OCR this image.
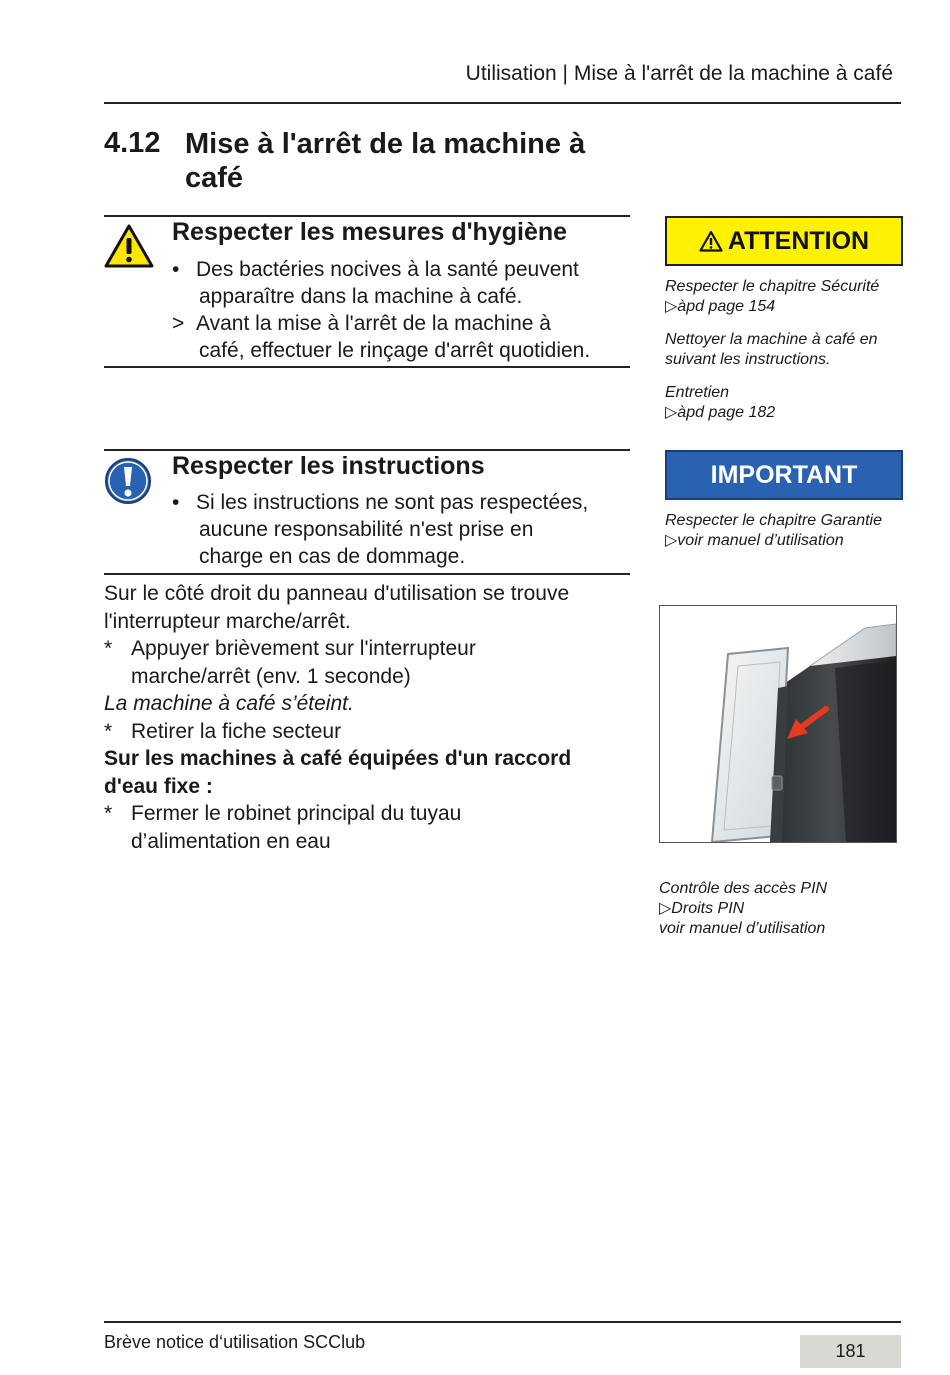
Utilisation | Mise à l'arrêt de la machine à café
4.12 Mise à l'arrêt de la machine à café
Respecter les mesures d'hygiène
• Des bactéries nocives à la santé peuvent
apparaître dans la machine à café.
> Avant la mise à l'arrêt de la machine à
café, effectuer le rinçage d'arrêt quotidien.
Respecter les instructions
• Si les instructions ne sont pas respectées,
aucune responsabilité n'est prise en
charge en cas de dommage.
Sur le côté droit du panneau d'utilisation se trouve
l'interrupteur marche/arrêt.
* Appuyer brièvement sur l'interrupteur
marche/arrêt (env. 1 seconde)
La machine à café s’éteint.
* Retirer la fiche secteur
Sur les machines à café équipées d'un raccord
d'eau fixe :
* Fermer le robinet principal du tuyau
d’alimentation en eau
ATTENTION
Respecter le chapitre Sécurité
▷àpd page 154
Nettoyer la machine à café en
suivant les instructions.
Entretien
▷àpd page 182
IMPORTANT
Respecter le chapitre Garantie
▷voir manuel d’utilisation
Contrôle des accès PIN
▷Droits PIN
voir manuel d’utilisation
Brève notice d‘utilisation SCClub	181
